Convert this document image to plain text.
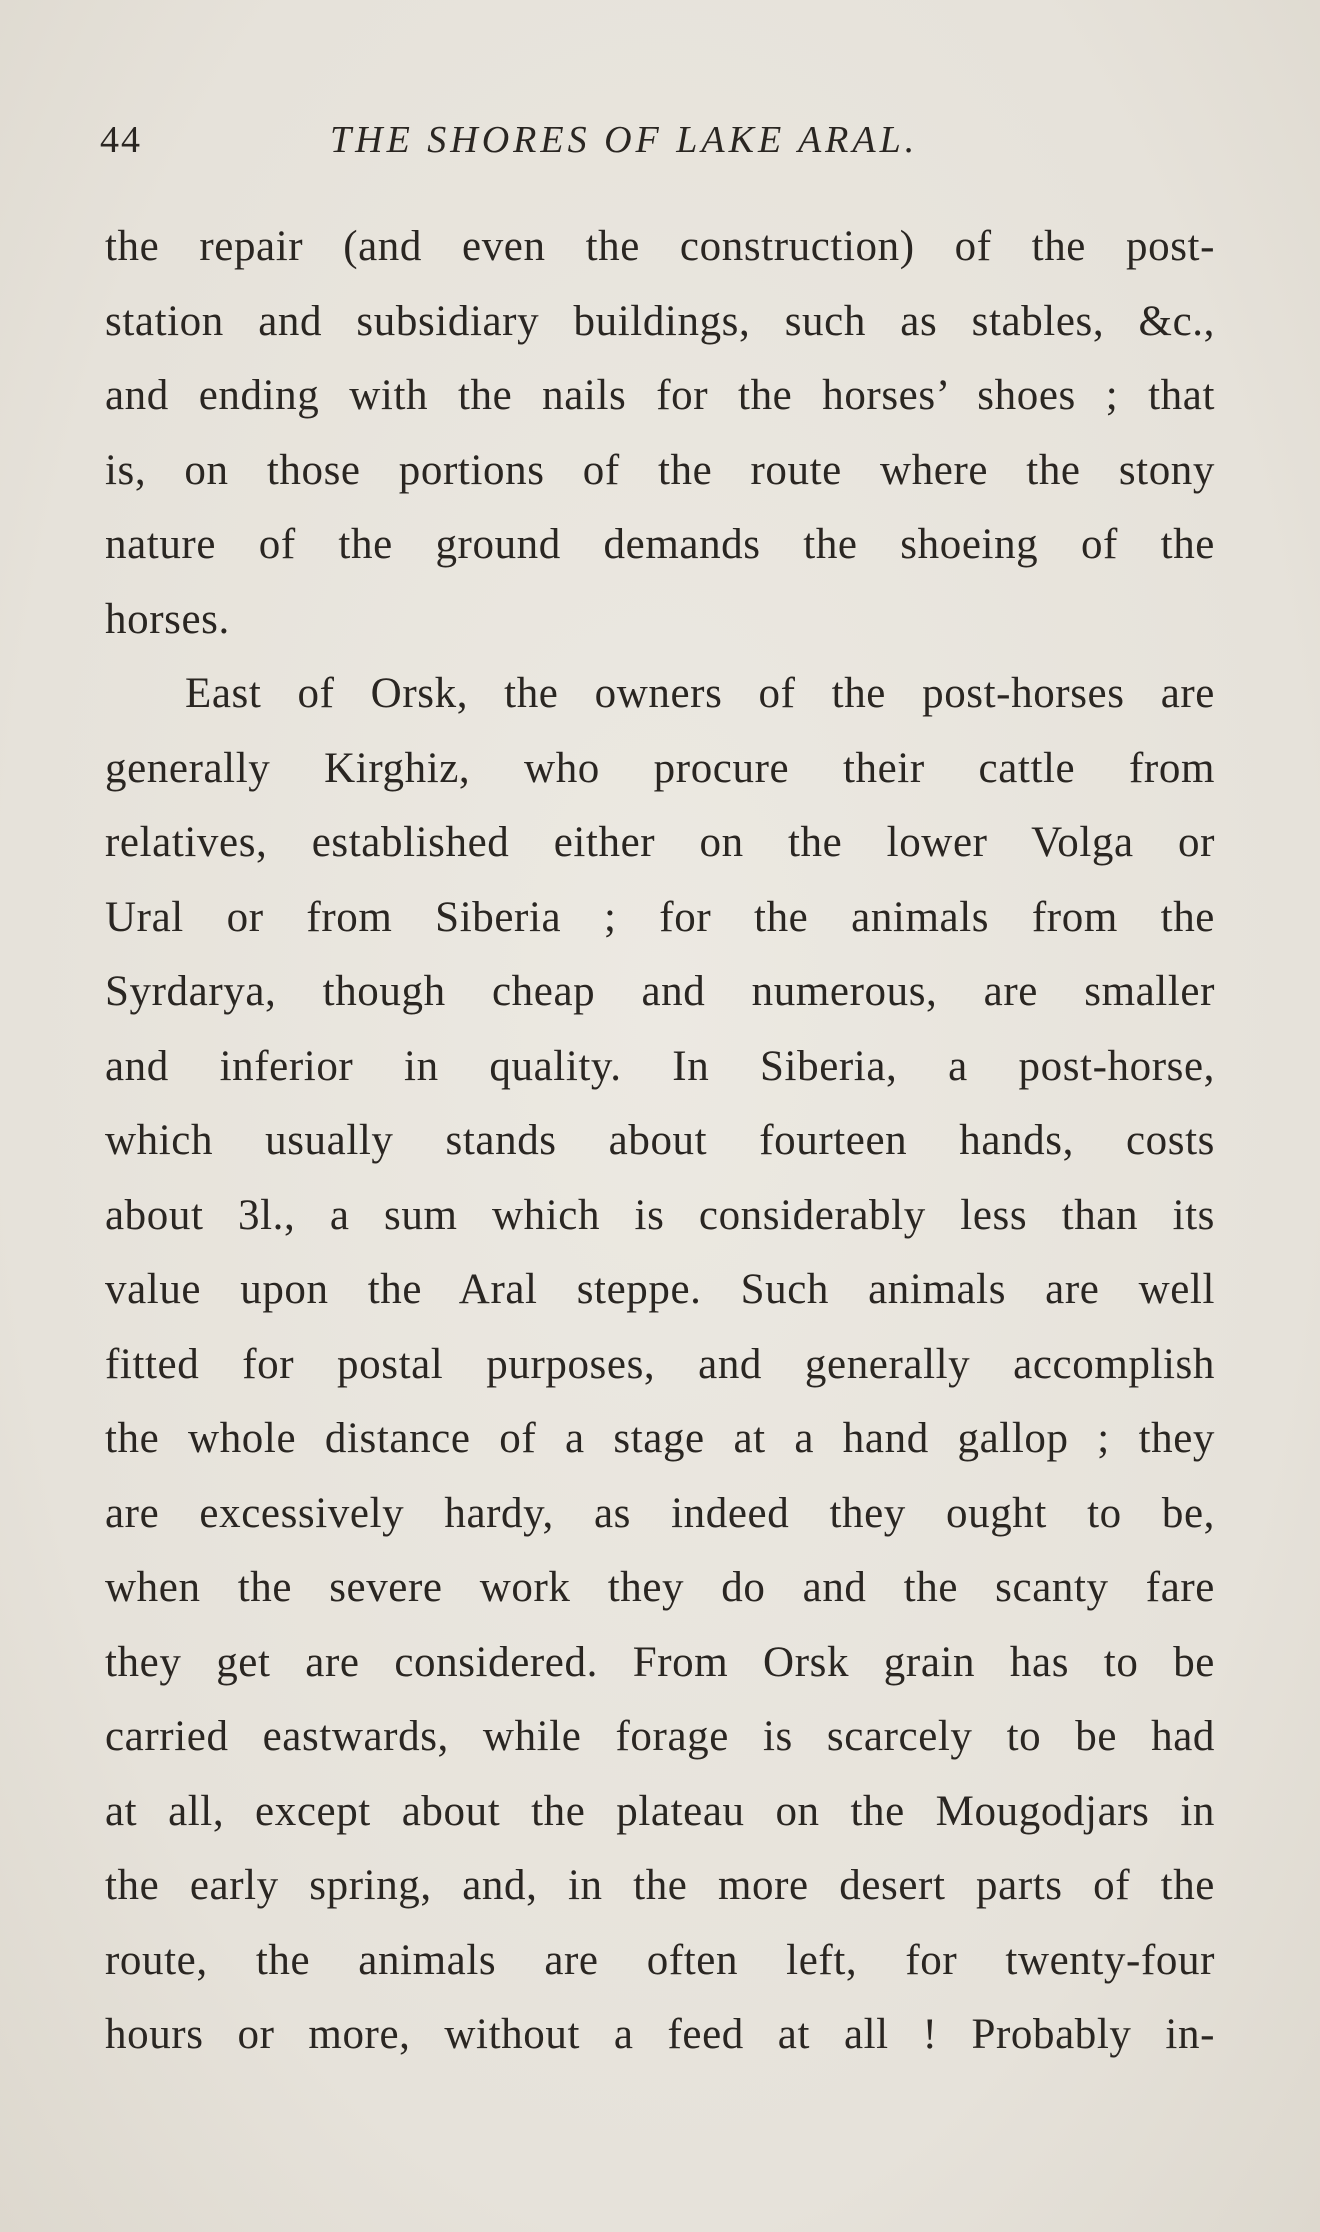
44	THE SHORES OF LAKE ARAL.
the repair (and even the construction) of the post-
station and subsidiary buildings, such as stables, &c.,
and ending with the nails for the horses’ shoes ; that
is, on those portions of the route where the stony
nature of the ground demands the shoeing of the
horses.
East of Orsk, the owners of the post-horses are
generally Kirghiz, who procure their cattle from
relatives, established either on the lower Volga or
Ural or from Siberia ; for the animals from the
Syrdarya, though cheap and numerous, are smaller
and inferior in quality. In Siberia, a post-horse,
which usually stands about fourteen hands, costs
about 3l., a sum which is considerably less than its
value upon the Aral steppe. Such animals are well
fitted for postal purposes, and generally accomplish
the whole distance of a stage at a hand gallop ; they
are excessively hardy, as indeed they ought to be,
when the severe work they do and the scanty fare
they get are considered. From Orsk grain has to be
carried eastwards, while forage is scarcely to be had
at all, except about the plateau on the Mougodjars in
the early spring, and, in the more desert parts of the
route, the animals are often left, for twenty-four
hours or more, without a feed at all ! Probably in-
